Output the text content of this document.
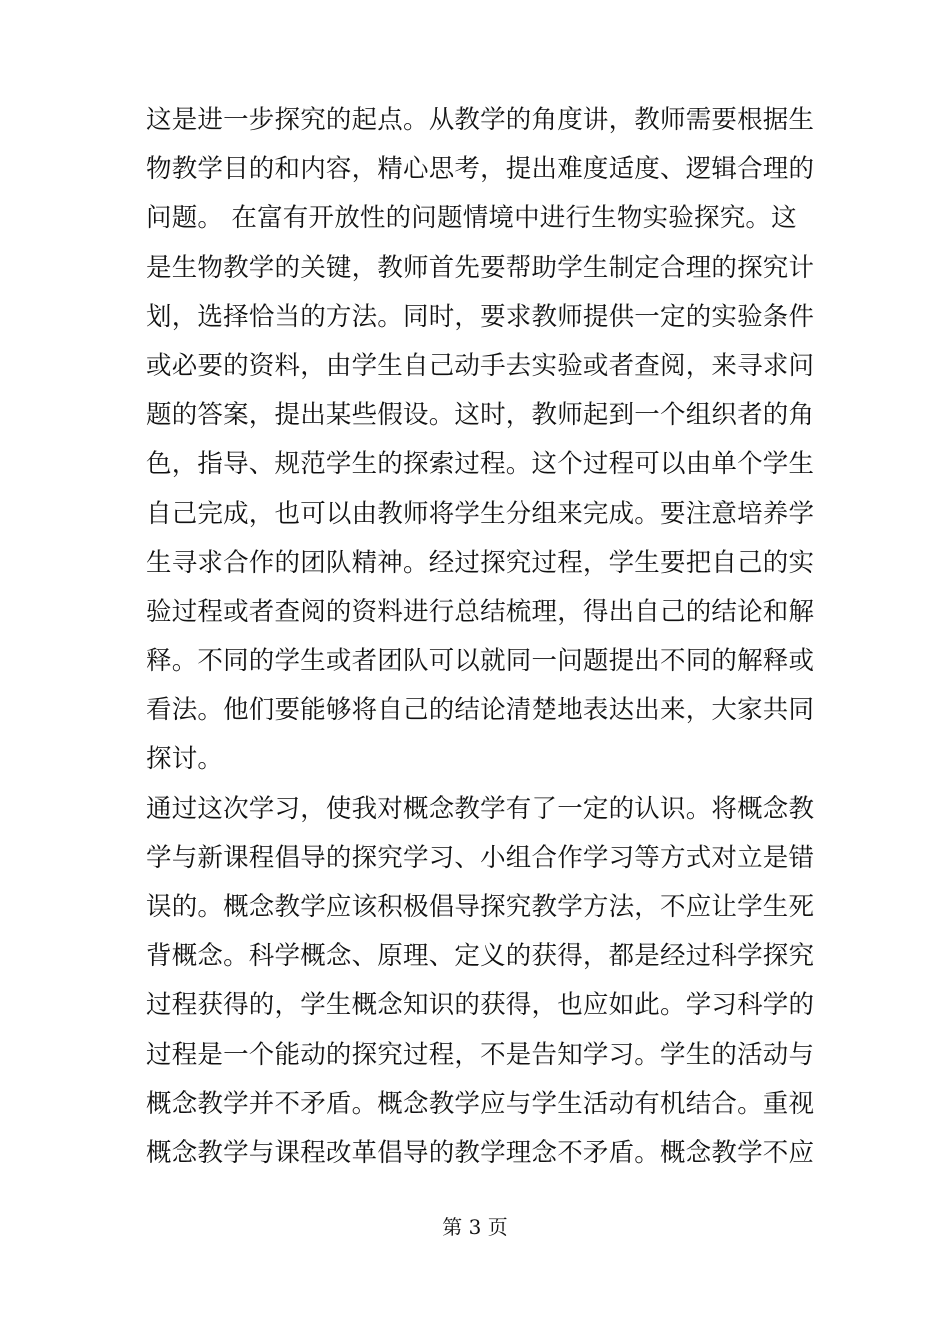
这是进一步探究的起点。从教学的角度讲，教师需要根据生
物教学目的和内容，精心思考，提出难度适度、逻辑合理的
问题。 在富有开放性的问题情境中进行生物实验探究。这
是生物教学的关键，教师首先要帮助学生制定合理的探究计
划，选择恰当的方法。同时，要求教师提供一定的实验条件
或必要的资料，由学生自己动手去实验或者查阅，来寻求问
题的答案，提出某些假设。这时，教师起到一个组织者的角
色，指导、规范学生的探索过程。这个过程可以由单个学生
自己完成，也可以由教师将学生分组来完成。要注意培养学
生寻求合作的团队精神。经过探究过程，学生要把自己的实
验过程或者查阅的资料进行总结梳理，得出自己的结论和解
释。不同的学生或者团队可以就同一问题提出不同的解释或
看法。他们要能够将自己的结论清楚地表达出来，大家共同
探讨。
通过这次学习，使我对概念教学有了一定的认识。将概念教
学与新课程倡导的探究学习、小组合作学习等方式对立是错
误的。概念教学应该积极倡导探究教学方法，不应让学生死
背概念。科学概念、原理、定义的获得，都是经过科学探究
过程获得的，学生概念知识的获得，也应如此。学习科学的
过程是一个能动的探究过程，不是告知学习。学生的活动与
概念教学并不矛盾。概念教学应与学生活动有机结合。重视
概念教学与课程改革倡导的教学理念不矛盾。概念教学不应
第 3 页
